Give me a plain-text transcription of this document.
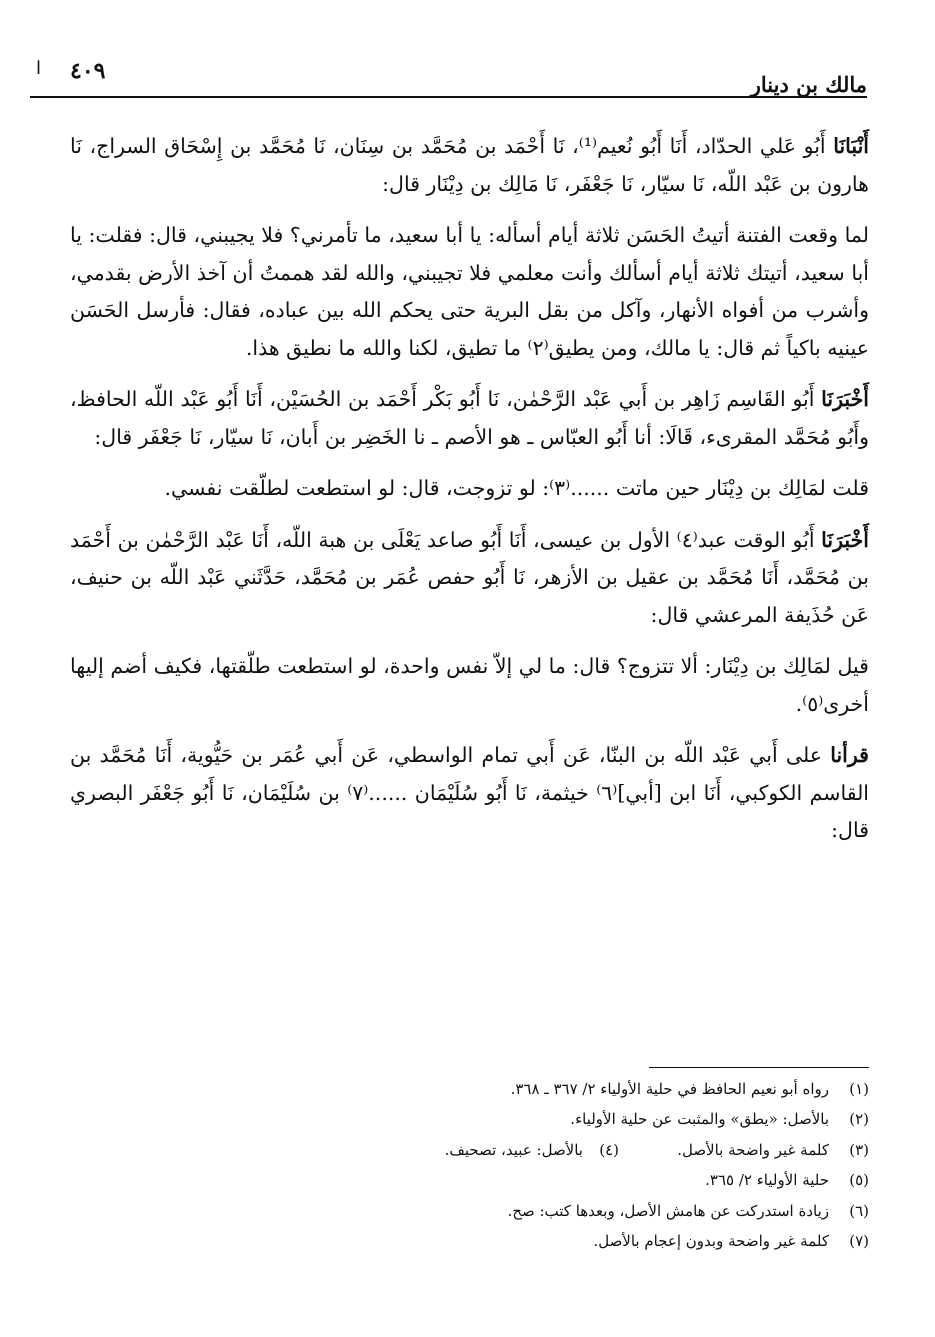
مالك بن دينار
٤٠٩
ا

أَنْبَانَا أَبُو عَلي الحدّاد، أَنَا أَبُو نُعيم⁽¹⁾، نَا أَحْمَد بن مُحَمَّد بن سِنَان، نَا مُحَمَّد بن إِسْحَاق السراج، نَا هارون بن عَبْد اللّه، نَا سيّار، نَا جَعْفَر، نَا مَالِك بن دِيْنَار قال:

لما وقعت الفتنة أتيتُ الحَسَن ثلاثة أيام أسأله: يا أبا سعيد، ما تأمرني؟ فلا يجيبني، قال: فقلت: يا أبا سعيد، أتيتك ثلاثة أيام أسألك وأنت معلمي فلا تجيبني، والله لقد هممتُ أن آخذ الأرض بقدمي، وأشرب من أفواه الأنهار، وآكل من بقل البرية حتى يحكم الله بين عباده، فقال: فأرسل الحَسَن عينيه باكياً ثم قال: يا مالك، ومن يطيق⁽٢⁾ ما تطيق، لكنا والله ما نطيق هذا.

أَخْبَرَنَا أَبُو القَاسِم زَاهِر بن أَبي عَبْد الرَّحْمٰن، نَا أَبُو بَكْر أَحْمَد بن الحُسَيْن، أَنَا أَبُو عَبْد اللّه الحافظ، وأَبُو مُحَمَّد المقرىء، قَالَا: أنا أَبُو العبّاس ـ هو الأصم ـ نا الخَضِر بن أَبان، نَا سيّار، نَا جَعْفَر قال:

قلت لمَالِك بن دِيْنَار حين ماتت ......⁽٣⁾: لو تزوجت، قال: لو استطعت لطلّقت نفسي.

أَخْبَرَنَا أَبُو الوقت عبد⁽٤⁾ الأول بن عيسى، أَنَا أَبُو صاعد يَعْلَى بن هبة اللّه، أَنَا عَبْد الرَّحْمٰن بن أَحْمَد بن مُحَمَّد، أَنَا مُحَمَّد بن عقيل بن الأزهر، نَا أَبُو حفص عُمَر بن مُحَمَّد، حَدَّثَني عَبْد اللّه بن حنيف، عَن حُذَيفة المرعشي قال:

قيل لمَالِك بن دِيْنَار: ألا تتزوج؟ قال: ما لي إلاّ نفس واحدة، لو استطعت طلّقتها، فكيف أضم إليها أخرى⁽٥⁾.

قرأنا على أَبي عَبْد اللّه بن البنّا، عَن أَبي تمام الواسطي، عَن أَبي عُمَر بن حَيُّوية، أَنَا مُحَمَّد بن القاسم الكوكبي، أَنَا ابن [أبي]⁽٦⁾ خيثمة، نَا أَبُو سُلَيْمَان ......⁽٧⁾ بن سُلَيْمَان، نَا أَبُو جَعْفَر البصري قال:

(١)
رواه أبو نعيم الحافظ في حلية الأولياء ٢/ ٣٦٧ ـ ٣٦٨.
(٢)
بالأصل: «يطق» والمثبت عن حلية الأولياء.
(٣)
كلمة غير واضحة بالأصل.
(٤)
بالأصل: عبيد، تصحيف.
(٥)
حلية الأولياء ٢/ ٣٦٥.
(٦)
زيادة استدركت عن هامش الأصل، وبعدها كتب: صح.
(٧)
كلمة غير واضحة وبدون إعجام بالأصل.
